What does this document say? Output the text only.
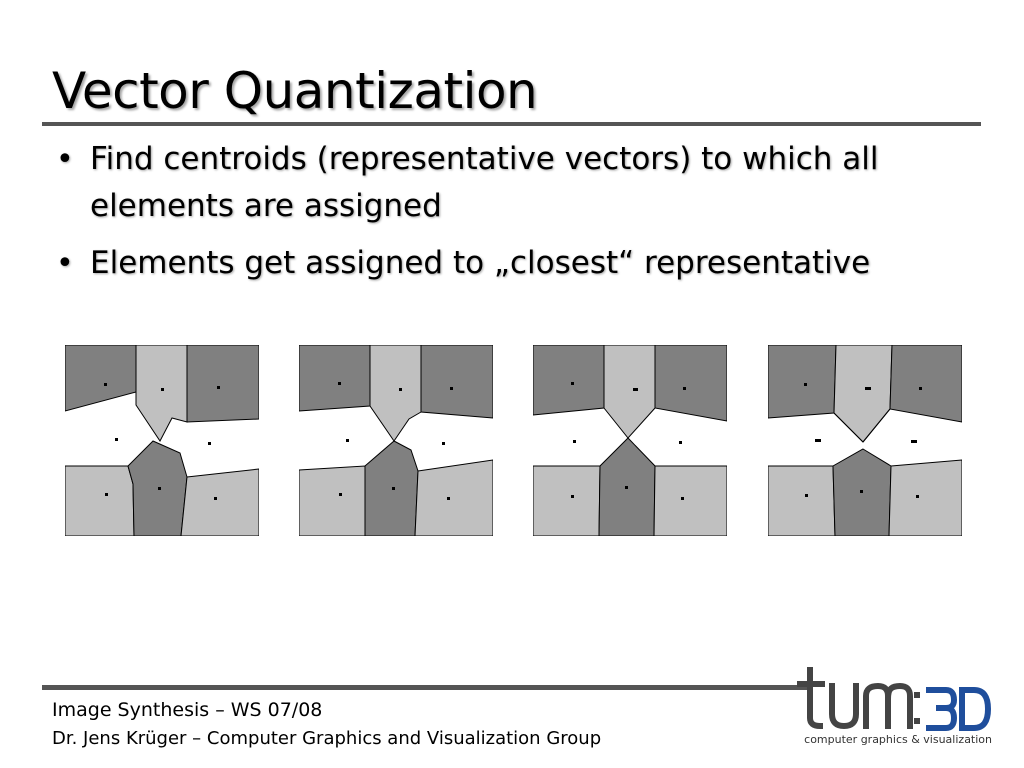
Vector Quantization
• Find centroids (representative vectors) to which all elements are assigned
• Elements get assigned to „closest“ representative
Image Synthesis – WS 07/08
Dr. Jens Krüger – Computer Graphics and Visualization Group	computer graphics & visualization
